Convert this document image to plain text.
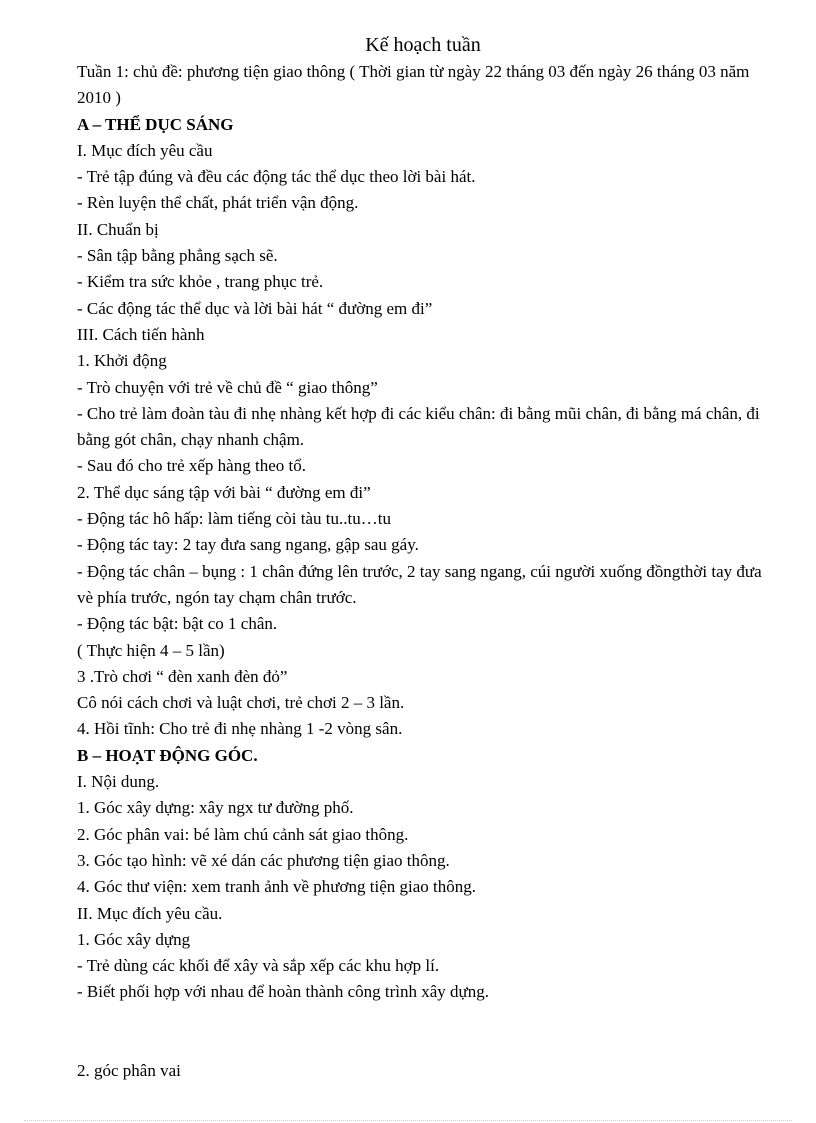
Kế hoạch tuần

Tuần 1: chủ đề: phương tiện giao thông ( Thời gian từ ngày 22 tháng 03 đến ngày 26 tháng 03 năm 2010 )

A – THỂ DỤC SÁNG

I. Mục đích yêu cầu

- Trẻ tập đúng và đều các động tác thể dục theo lời bài hát.

- Rèn luyện thể chất, phát triển vận động.

II. Chuẩn bị

- Sân tập bằng phẳng sạch sẽ.

- Kiểm tra sức khỏe , trang phục trẻ.

- Các động tác thể dục và lời bài hát “ đường em đi”

III. Cách tiến hành

1. Khởi động

- Trò chuyện với trẻ về chủ đề “ giao thông”

- Cho trẻ làm đoàn tàu đi nhẹ nhàng kết hợp đi các kiểu chân: đi bằng mũi chân, đi bằng má chân, đi bằng gót chân, chạy nhanh chậm.

- Sau đó cho trẻ xếp hàng theo tổ.

2. Thể dục sáng tập với bài “ đường em đi”

- Động tác hô hấp: làm tiếng còi tàu tu..tu…tu

- Động tác tay: 2 tay đưa sang ngang, gập sau gáy.

- Động tác chân – bụng : 1 chân đứng lên trước, 2 tay sang ngang, cúi người xuống đồngthời tay đưa vè phía trước, ngón tay chạm chân trước.

- Động tác bật: bật co 1 chân.

( Thực hiện 4 – 5 lần)

3 .Trò chơi “ đèn xanh đèn đỏ”

Cô nói cách chơi và luật chơi, trẻ chơi 2 – 3 lần.

4. Hồi tĩnh: Cho trẻ đi nhẹ nhàng 1 -2 vòng sân.

B – HOẠT ĐỘNG GÓC.

I. Nội dung.

1. Góc xây dựng: xây ngx tư đường phố.

2. Góc phân vai: bé làm chú cảnh sát giao thông.

3. Góc tạo hình: vẽ xé dán các phương tiện giao thông.

4. Góc thư viện: xem tranh ảnh về phương tiện giao thông.

II. Mục đích yêu cầu.

1. Góc xây dựng

- Trẻ dùng các khối để xây và sắp xếp các khu hợp lí.

- Biết phối hợp với nhau để hoàn thành công trình xây dựng.

2. góc phân vai
